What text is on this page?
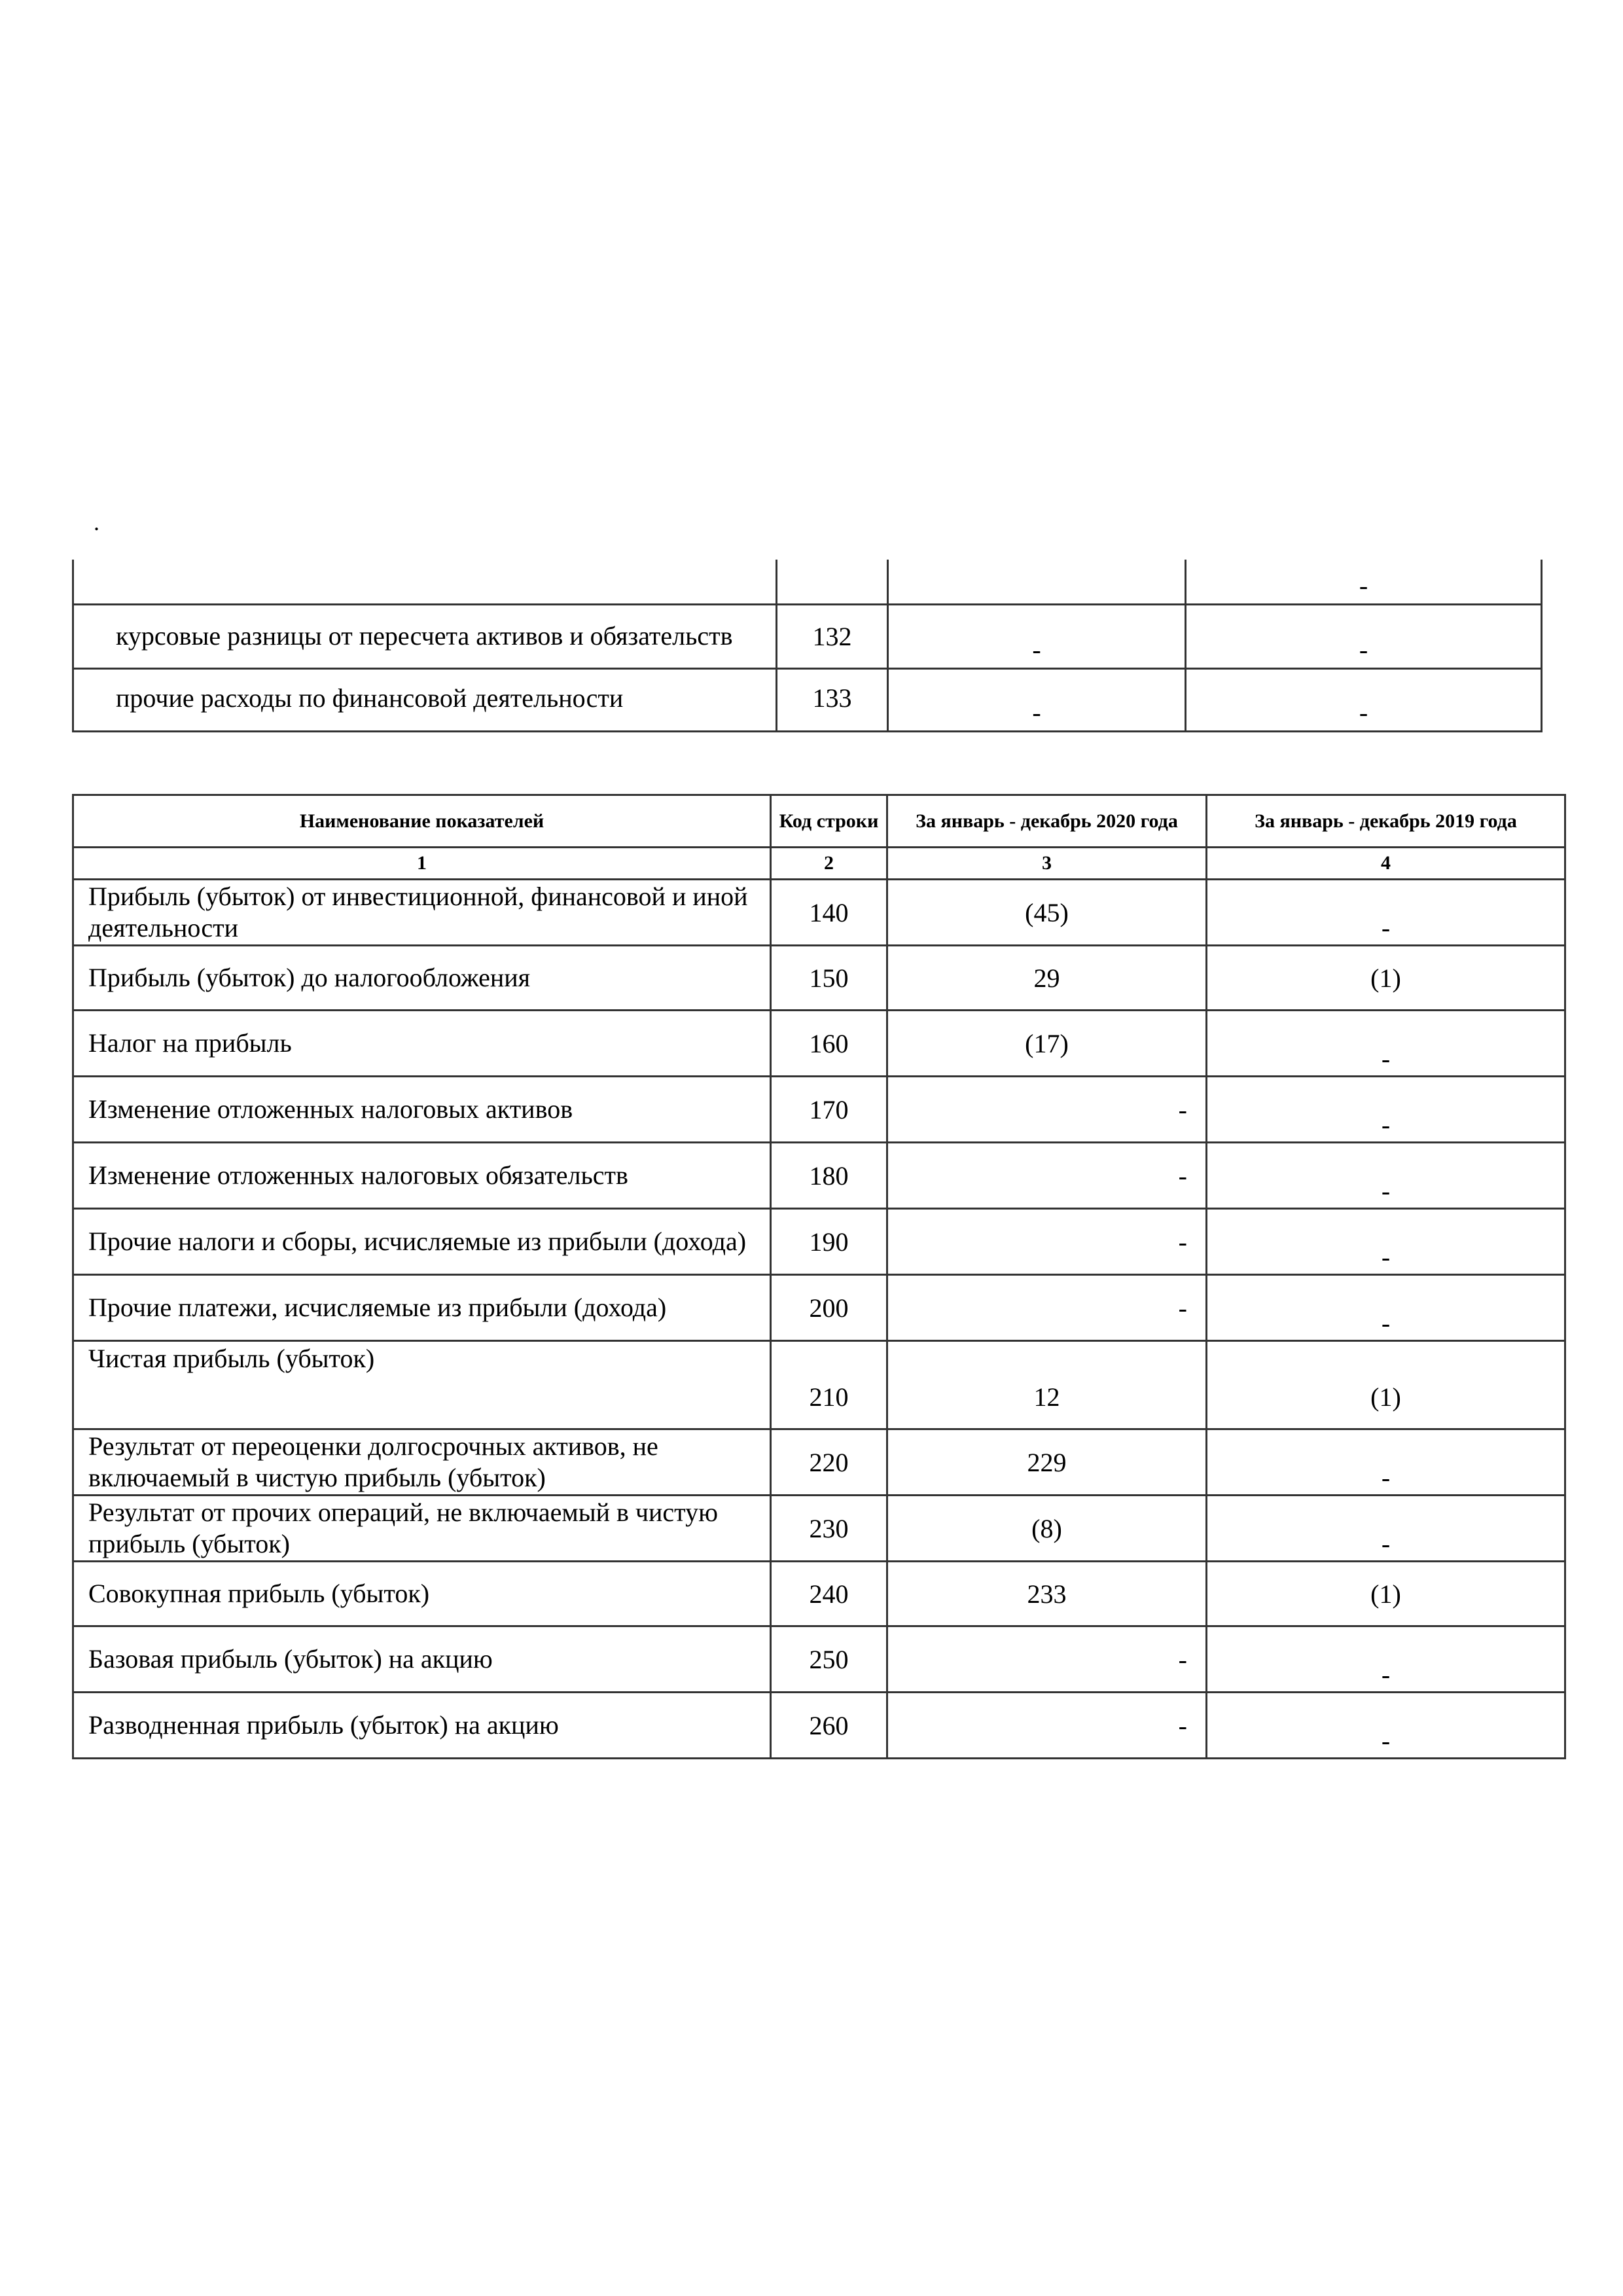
.
			-
курсовые разницы от пересчета активов и обязательств	132	-	-
прочие расходы по финансовой деятельности	133	-	-
Наименование показателей	Код строки	За январь - декабрь 2020 года	За январь - декабрь 2019 года
1	2	3	4
Прибыль (убыток) от инвестиционной, финансовой и иной деятельности	140	(45)	-
Прибыль (убыток) до налогообложения	150	29	(1)
Налог на прибыль	160	(17)	-
Изменение отложенных налоговых активов	170	-	-
Изменение отложенных налоговых обязательств	180	-	-
Прочие налоги и сборы, исчисляемые из прибыли (дохода)	190	-	-
Прочие платежи, исчисляемые из прибыли (дохода)	200	-	-
Чистая прибыль (убыток)	210	12	(1)
Результат от переоценки долгосрочных активов, не включаемый в чистую прибыль (убыток)	220	229	-
Результат от прочих операций, не включаемый в чистую прибыль (убыток)	230	(8)	-
Совокупная прибыль (убыток)	240	233	(1)
Базовая прибыль (убыток) на акцию	250	-	-
Разводненная прибыль (убыток) на акцию	260	-	-
